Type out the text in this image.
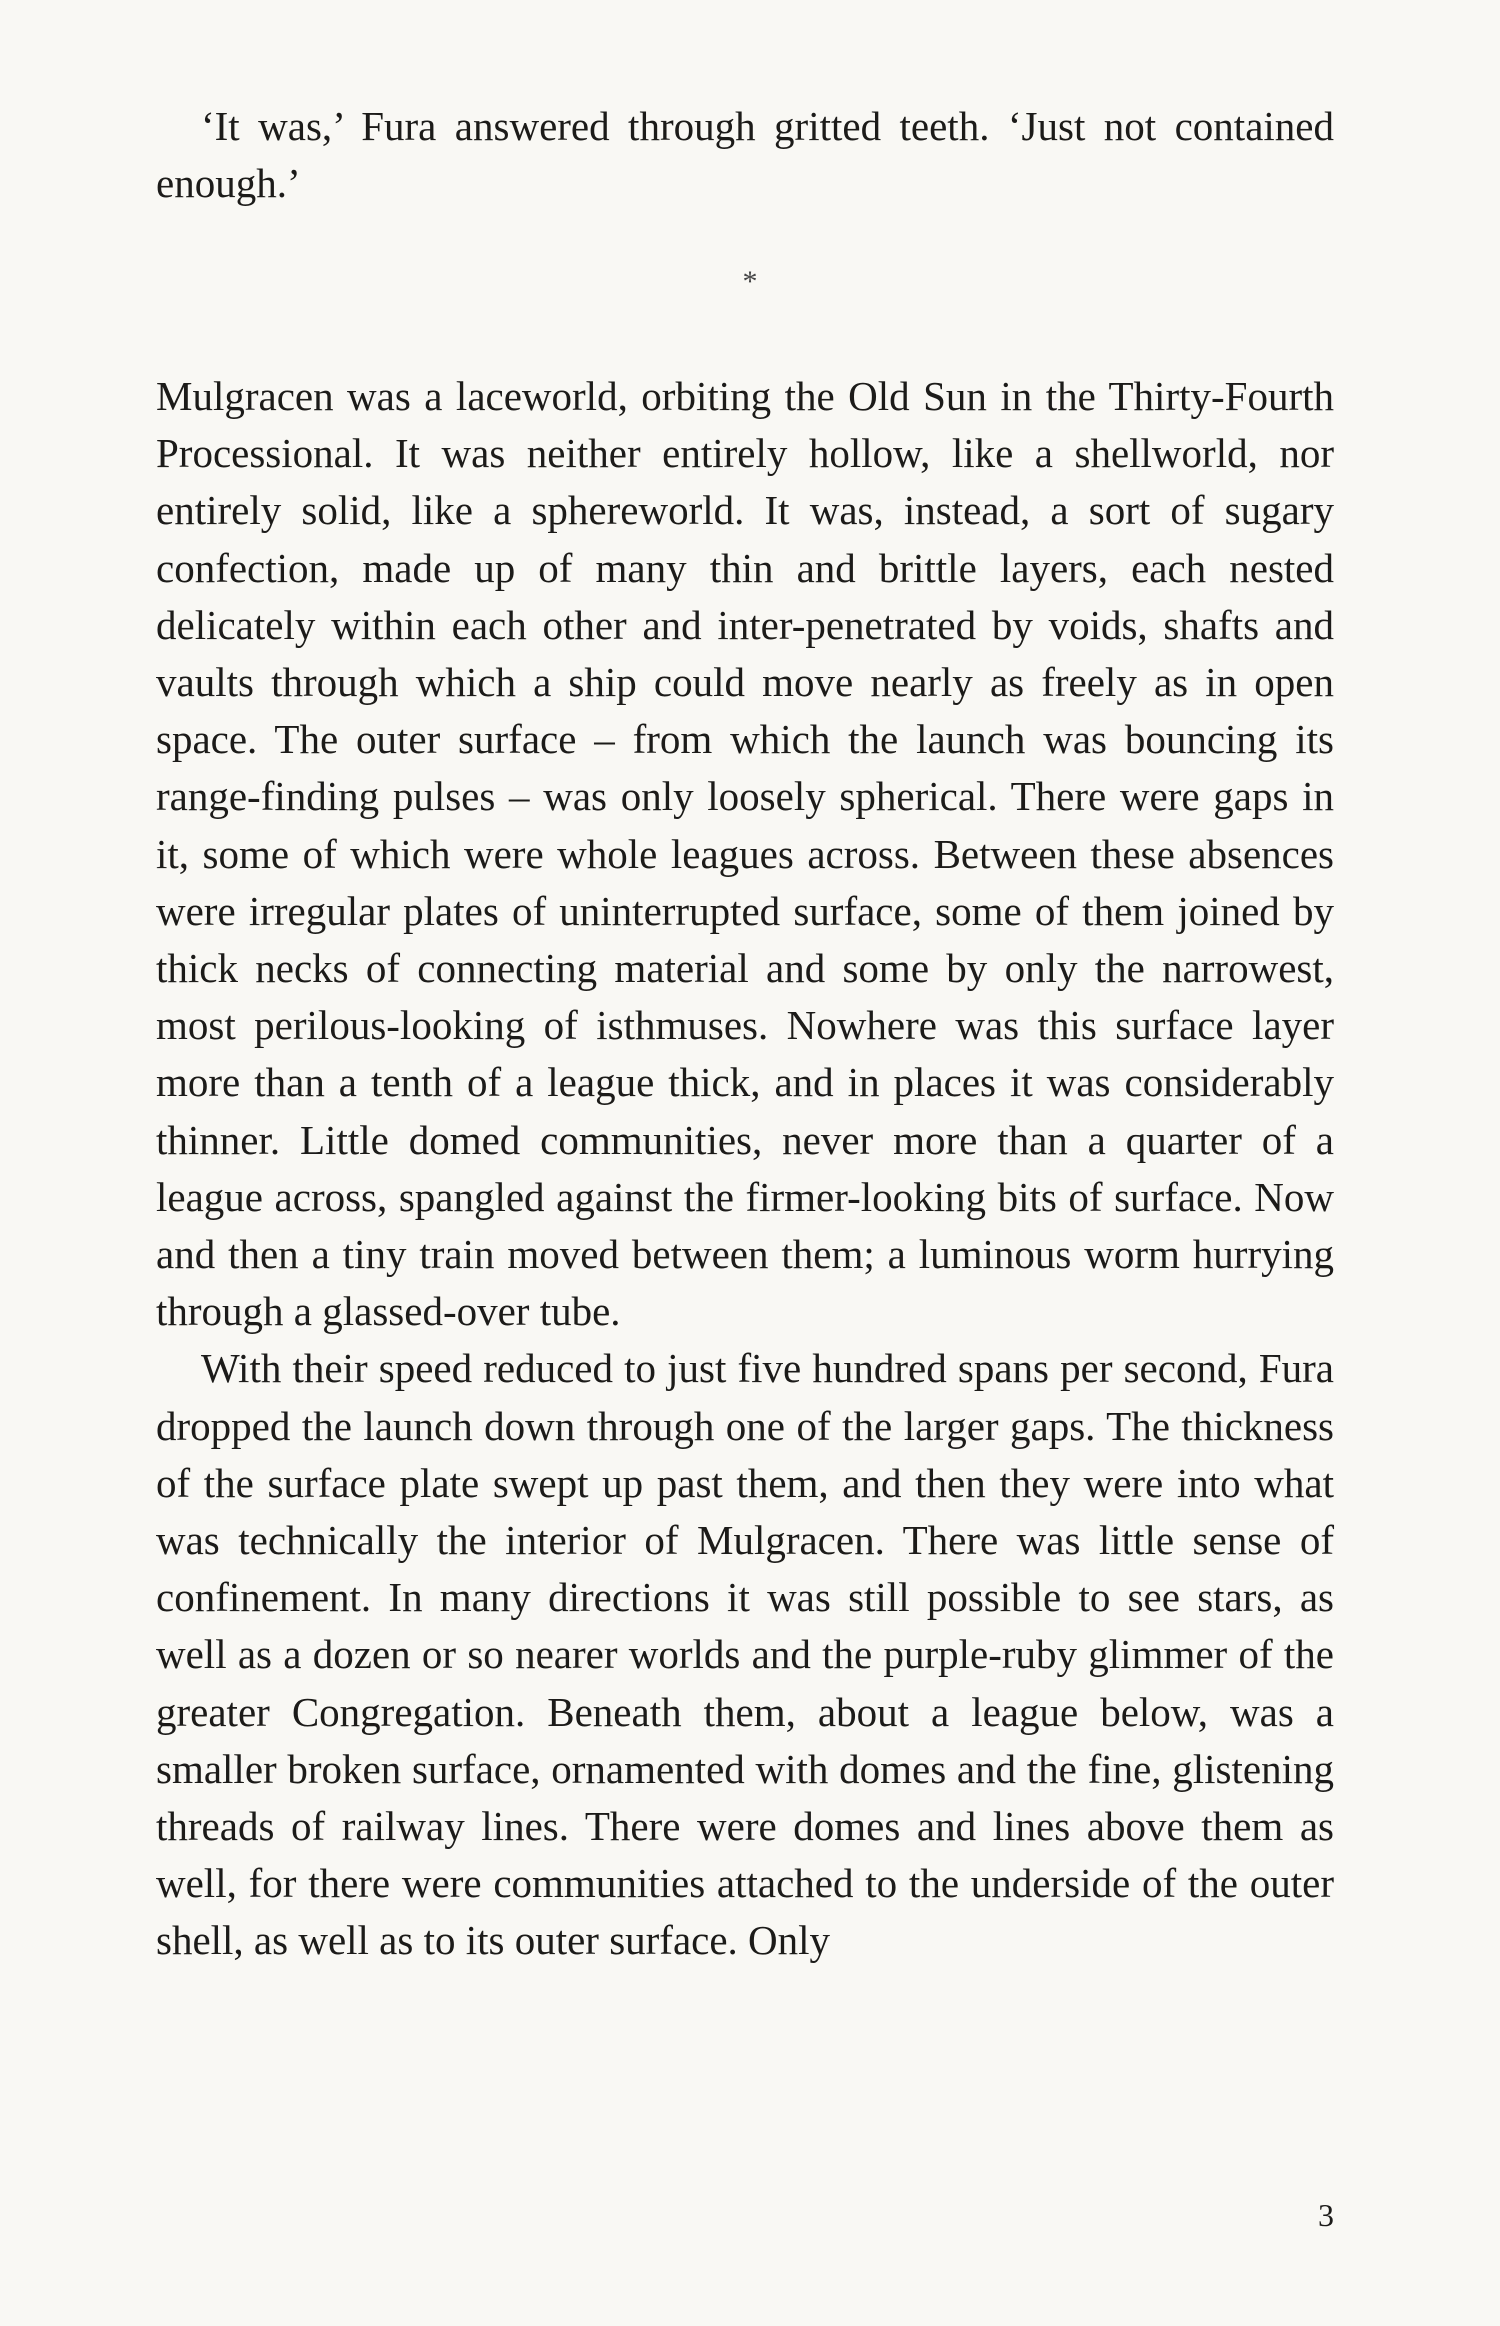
‘It was,’ Fura answered through gritted teeth. ‘Just not contained enough.’

*

Mulgracen was a laceworld, orbiting the Old Sun in the Thirty-Fourth Processional. It was neither entirely hollow, like a shellworld, nor entirely solid, like a sphereworld. It was, instead, a sort of sugary confection, made up of many thin and brittle layers, each nested delicately within each other and inter-penetrated by voids, shafts and vaults through which a ship could move nearly as freely as in open space. The outer surface – from which the launch was bouncing its range-finding pulses – was only loosely spherical. There were gaps in it, some of which were whole leagues across. Between these absences were irregular plates of uninterrupted surface, some of them joined by thick necks of connecting material and some by only the narrowest, most perilous-looking of isthmuses. Nowhere was this surface layer more than a tenth of a league thick, and in places it was considerably thinner. Little domed communities, never more than a quarter of a league across, spangled against the firmer-looking bits of surface. Now and then a tiny train moved between them; a luminous worm hurrying through a glassed-over tube.

With their speed reduced to just five hundred spans per second, Fura dropped the launch down through one of the larger gaps. The thickness of the surface plate swept up past them, and then they were into what was technically the interior of Mulgracen. There was little sense of confinement. In many directions it was still possible to see stars, as well as a dozen or so nearer worlds and the purple-ruby glimmer of the greater Congregation. Beneath them, about a league below, was a smaller broken surface, ornamented with domes and the fine, glistening threads of railway lines. There were domes and lines above them as well, for there were communities attached to the underside of the outer shell, as well as to its outer surface. Only

3
